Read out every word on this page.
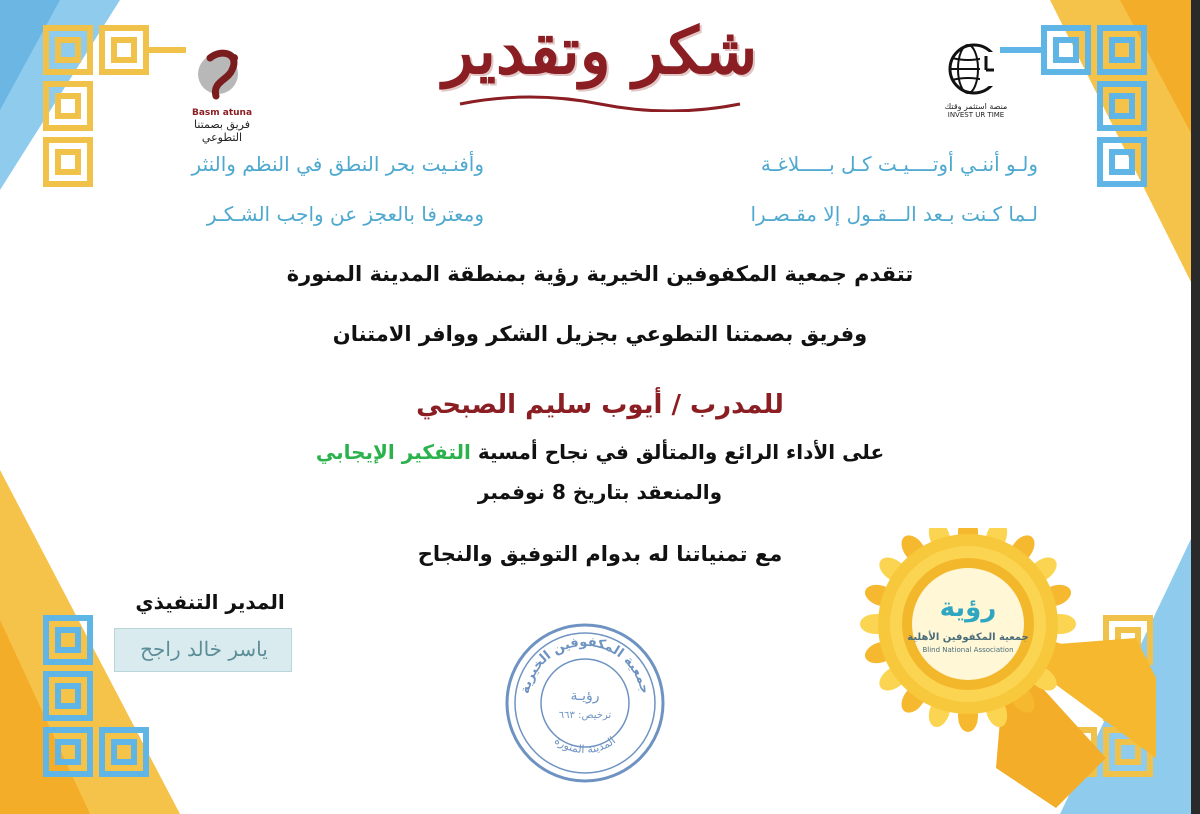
شكر وتقدير
Basm atuna
فريق بصمتنا التطوعي
منصة استثمر وقتك
INVEST UR TIME
ولـو أننـي أوتــــيـت كـل بـــــلاغـة
وأفنـيت بحر النطق في النظم والنثر
لـما كـنت بـعد الـــقـول إلا مقـصـرا
ومعترفا بالعجز عن واجب الشـكـر
تتقدم جمعية المكفوفين الخيرية رؤية بمنطقة المدينة المنورة
وفريق بصمتنا التطوعي بجزيل الشكر ووافر الامتنان
للمدرب / أيوب سليم الصبحي
على الأداء الرائع والمتألق في نجاح أمسية التفكير الإيجابي
والمنعقد بتاريخ 8 نوفمبر
مع تمنياتنا له بدوام التوفيق والنجاح
المدير التنفيذي
ياسر خالد راجح
جمعية المكفوفين الخيرية
رؤيـة
ترخيص: ٦٦٣
المدينة المنورة
رؤية
جمعية المكفوفين الأهلية
Blind National Association
